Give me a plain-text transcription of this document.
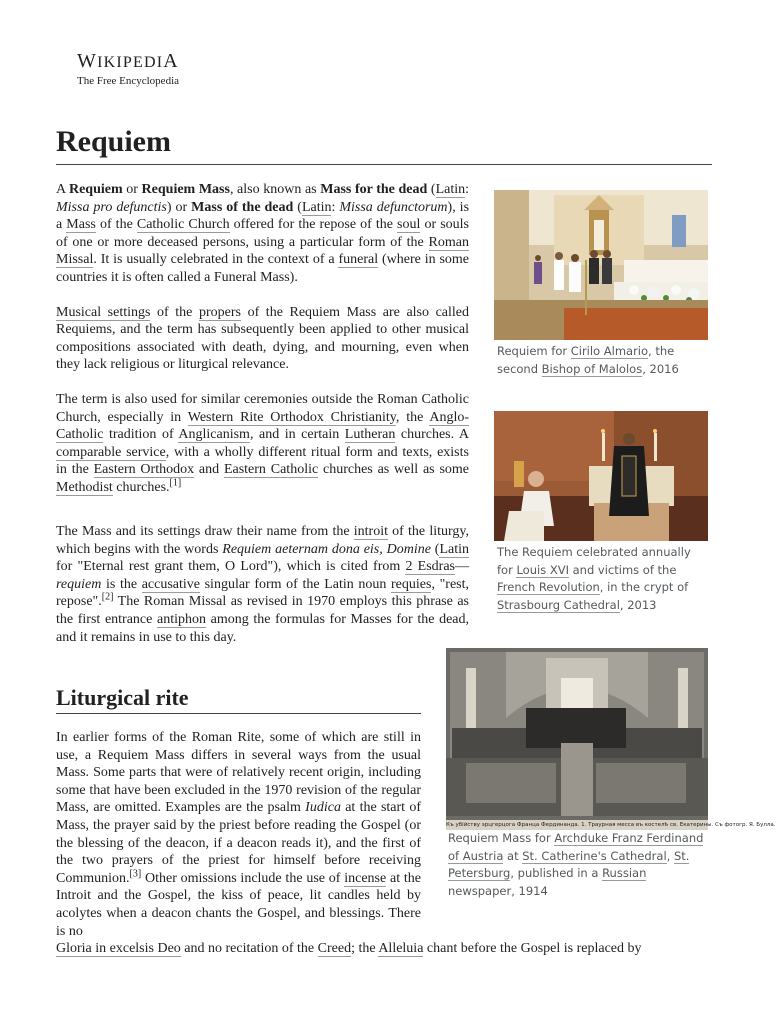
WIKIPEDIA
The Free Encyclopedia
Requiem

A Requiem or Requiem Mass, also known as Mass for the dead (Latin: Missa pro defunctis) or Mass of the dead (Latin: Missa defunctorum), is a Mass of the Catholic Church offered for the repose of the soul or souls of one or more deceased persons, using a particular form of the Roman Missal. It is usually celebrated in the context of a funeral (where in some countries it is often called a Funeral Mass).

Musical settings of the propers of the Requiem Mass are also called Requiems, and the term has subsequently been applied to other musical compositions associated with death, dying, and mourning, even when they lack religious or liturgical relevance.

The term is also used for similar ceremonies outside the Roman Catholic Church, especially in Western Rite Orthodox Christianity, the Anglo-Catholic tradition of Anglicanism, and in certain Lutheran churches. A comparable service, with a wholly different ritual form and texts, exists in the Eastern Orthodox and Eastern Catholic churches as well as some Methodist churches.[1]

The Mass and its settings draw their name from the introit of the liturgy, which begins with the words Requiem aeternam dona eis, Domine (Latin for "Eternal rest grant them, O Lord"), which is cited from 2 Esdras—requiem is the accusative singular form of the Latin noun requies, "rest, repose".[2] The Roman Missal as revised in 1970 employs this phrase as the first entrance antiphon among the formulas for Masses for the dead, and it remains in use to this day.

Liturgical rite

In earlier forms of the Roman Rite, some of which are still in use, a Requiem Mass differs in several ways from the usual Mass. Some parts that were of relatively recent origin, including some that have been excluded in the 1970 revision of the regular Mass, are omitted. Examples are the psalm Iudica at the start of Mass, the prayer said by the priest before reading the Gospel (or the blessing of the deacon, if a deacon reads it), and the first of the two prayers of the priest for himself before receiving Communion.[3] Other omissions include the use of incense at the Introit and the Gospel, the kiss of peace, lit candles held by acolytes when a deacon chants the Gospel, and blessings. There is no

Gloria in excelsis Deo and no recitation of the Creed; the Alleluia chant before the Gospel is replaced by
Requiem for Cirilo Almario, the second Bishop of Malolos, 2016
The Requiem celebrated annually for Louis XVI and victims of the French Revolution, in the crypt of Strasbourg Cathedral, 2013
Къ убійству эрцгерцога Франца Фердинанда. 1. Траурная месса въ костелѣ св. Екатерины. Съ фотогр. Я. Булла.
Requiem Mass for Archduke Franz Ferdinand of Austria at St. Catherine's Cathedral, St. Petersburg, published in a Russian newspaper, 1914
